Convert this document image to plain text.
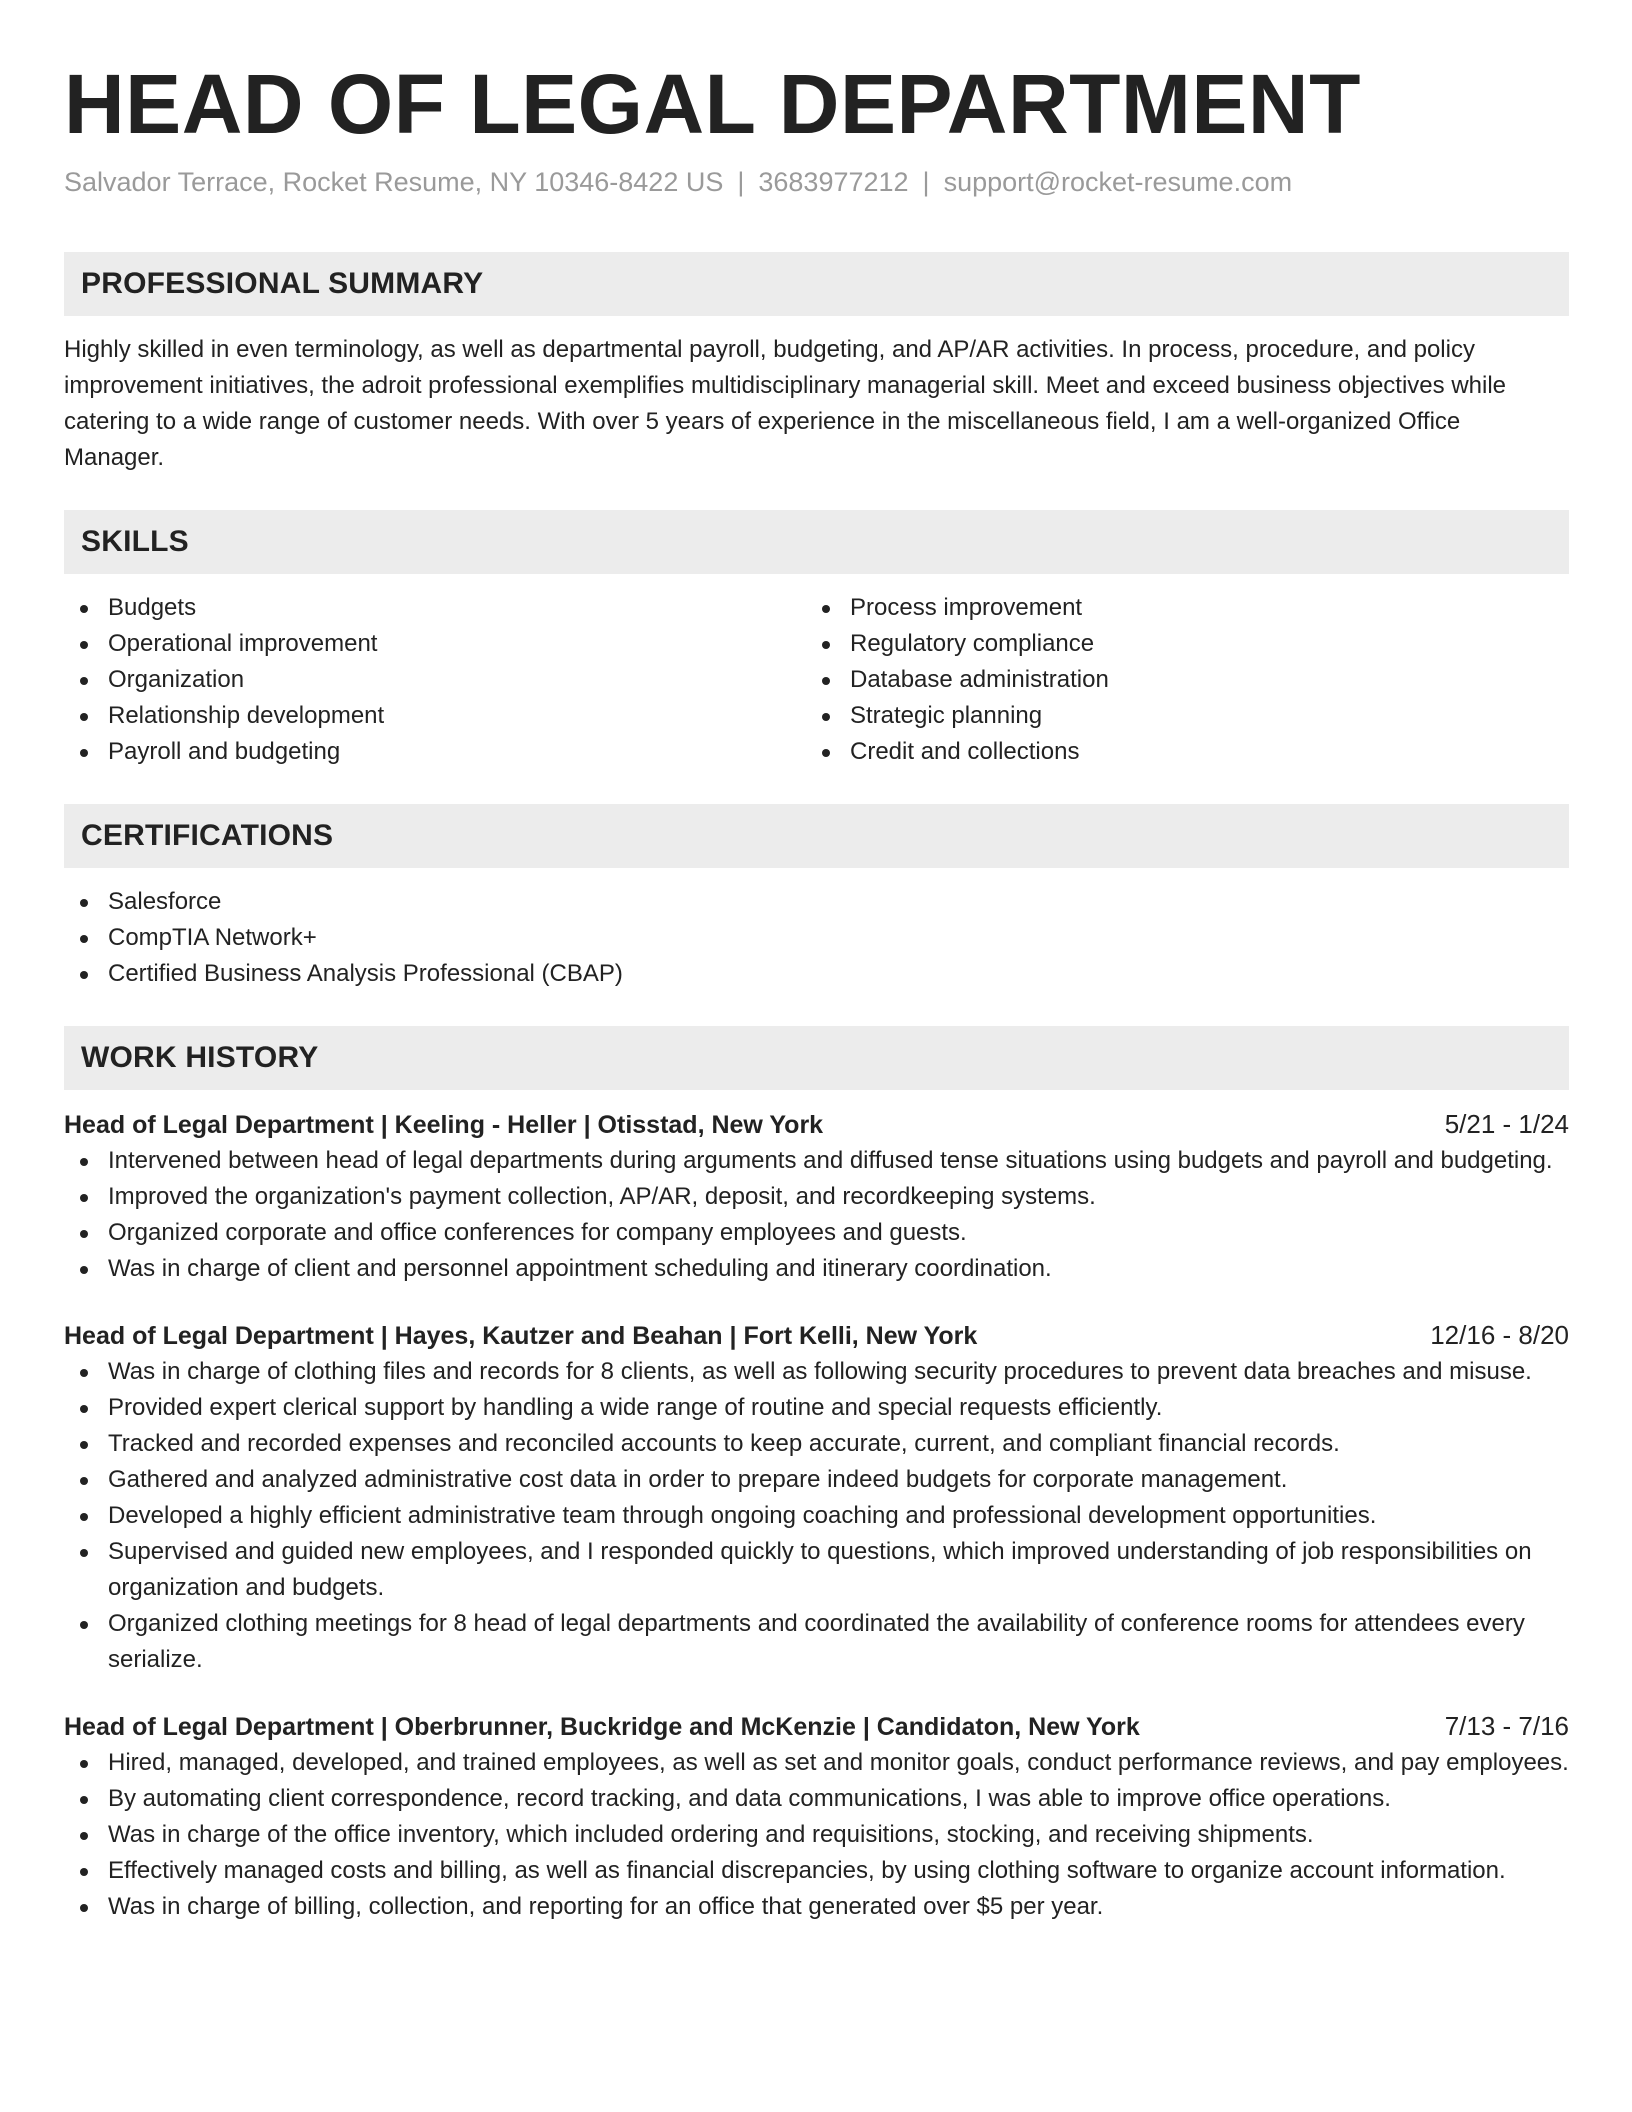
HEAD OF LEGAL DEPARTMENT
Salvador Terrace, Rocket Resume, NY 10346-8422 US | 3683977212 | support@rocket-resume.com
PROFESSIONAL SUMMARY
Highly skilled in even terminology, as well as departmental payroll, budgeting, and AP/AR activities. In process, procedure, and policy improvement initiatives, the adroit professional exemplifies multidisciplinary managerial skill. Meet and exceed business objectives while catering to a wide range of customer needs. With over 5 years of experience in the miscellaneous field, I am a well-organized Office Manager.
SKILLS
Budgets
Operational improvement
Organization
Relationship development
Payroll and budgeting
Process improvement
Regulatory compliance
Database administration
Strategic planning
Credit and collections
CERTIFICATIONS
Salesforce
CompTIA Network+
Certified Business Analysis Professional (CBAP)
WORK HISTORY
Head of Legal Department | Keeling - Heller | Otisstad, New York	5/21 - 1/24
Intervened between head of legal departments during arguments and diffused tense situations using budgets and payroll and budgeting.
Improved the organization's payment collection, AP/AR, deposit, and recordkeeping systems.
Organized corporate and office conferences for company employees and guests.
Was in charge of client and personnel appointment scheduling and itinerary coordination.
Head of Legal Department | Hayes, Kautzer and Beahan | Fort Kelli, New York	12/16 - 8/20
Was in charge of clothing files and records for 8 clients, as well as following security procedures to prevent data breaches and misuse.
Provided expert clerical support by handling a wide range of routine and special requests efficiently.
Tracked and recorded expenses and reconciled accounts to keep accurate, current, and compliant financial records.
Gathered and analyzed administrative cost data in order to prepare indeed budgets for corporate management.
Developed a highly efficient administrative team through ongoing coaching and professional development opportunities.
Supervised and guided new employees, and I responded quickly to questions, which improved understanding of job responsibilities on organization and budgets.
Organized clothing meetings for 8 head of legal departments and coordinated the availability of conference rooms for attendees every serialize.
Head of Legal Department | Oberbrunner, Buckridge and McKenzie | Candidaton, New York	7/13 - 7/16
Hired, managed, developed, and trained employees, as well as set and monitor goals, conduct performance reviews, and pay employees.
By automating client correspondence, record tracking, and data communications, I was able to improve office operations.
Was in charge of the office inventory, which included ordering and requisitions, stocking, and receiving shipments.
Effectively managed costs and billing, as well as financial discrepancies, by using clothing software to organize account information.
Was in charge of billing, collection, and reporting for an office that generated over $5 per year.
